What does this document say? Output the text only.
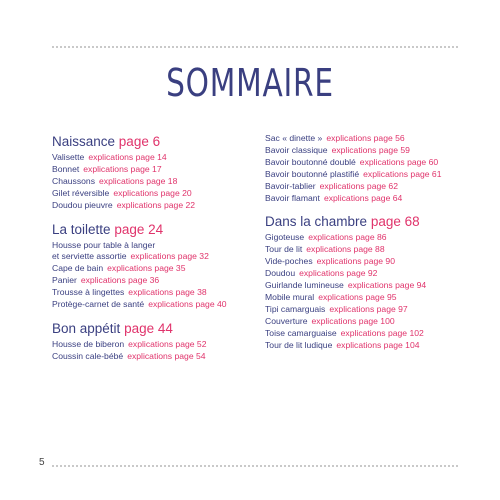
SOMMAIRE
Naissance page 6
Valisette explications page 14
Bonnet explications page 17
Chaussons explications page 18
Gilet réversible explications page 20
Doudou pieuvre explications page 22
La toilette page 24
Housse pour table à langer
et serviette assortie explications page 32
Cape de bain explications page 35
Panier explications page 36
Trousse à lingettes explications page 38
Protège-carnet de santé explications page 40
Bon appétit page 44
Housse de biberon explications page 52
Coussin cale-bébé explications page 54
Sac « dinette » explications page 56
Bavoir classique explications page 59
Bavoir boutonné doublé explications page 60
Bavoir boutonné plastifié explications page 61
Bavoir-tablier explications page 62
Bavoir flamant explications page 64
Dans la chambre page 68
Gigoteuse explications page 86
Tour de lit explications page 88
Vide-poches explications page 90
Doudou explications page 92
Guirlande lumineuse explications page 94
Mobile mural explications page 95
Tipi camarguais explications page 97
Couverture explications page 100
Toise camarguaise explications page 102
Tour de lit ludique explications page 104
5
